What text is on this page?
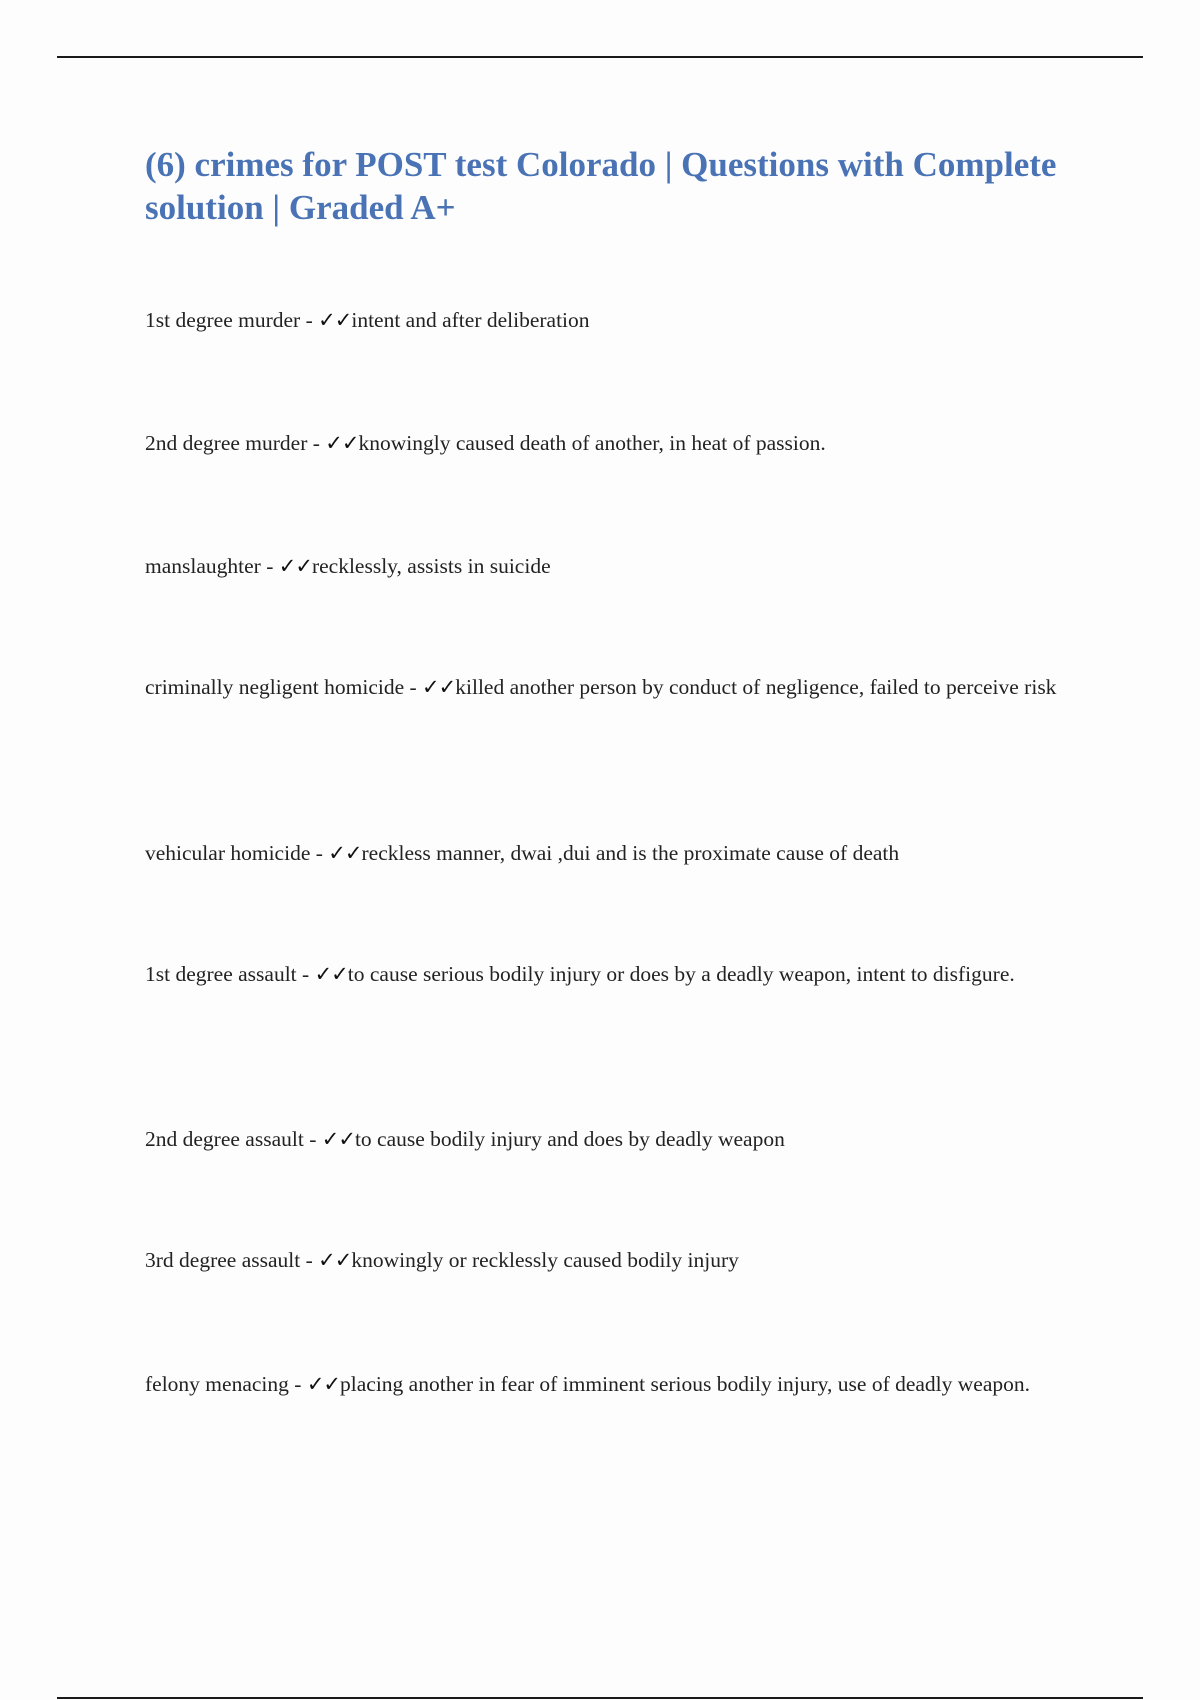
(6) crimes for POST test Colorado | Questions with Complete solution | Graded A+
1st degree murder - ✓✓intent and after deliberation
2nd degree murder - ✓✓knowingly caused death of another, in heat of passion.
manslaughter - ✓✓recklessly, assists in suicide
criminally negligent homicide - ✓✓killed another person by conduct of negligence, failed to perceive risk
vehicular homicide - ✓✓reckless manner, dwai ,dui and is the proximate cause of death
1st degree assault - ✓✓to cause serious bodily injury or does by a deadly weapon, intent to disfigure.
2nd degree assault - ✓✓to cause bodily injury and does by deadly weapon
3rd degree assault - ✓✓knowingly or recklessly caused bodily injury
felony menacing - ✓✓placing another in fear of imminent serious bodily injury, use of deadly weapon.
